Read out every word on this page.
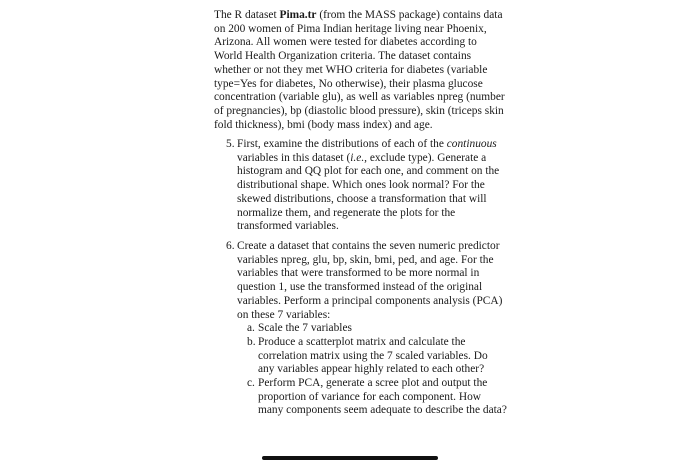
The R dataset Pima.tr (from the MASS package) contains data
on 200 women of Pima Indian heritage living near Phoenix,
Arizona. All women were tested for diabetes according to
World Health Organization criteria. The dataset contains
whether or not they met WHO criteria for diabetes (variable
type=Yes for diabetes, No otherwise), their plasma glucose
concentration (variable glu), as well as variables npreg (number
of pregnancies), bp (diastolic blood pressure), skin (triceps skin
fold thickness), bmi (body mass index) and age.
5. First, examine the distributions of each of the continuous
variables in this dataset (i.e., exclude type). Generate a
histogram and QQ plot for each one, and comment on the
distributional shape. Which ones look normal? For the
skewed distributions, choose a transformation that will
normalize them, and regenerate the plots for the
transformed variables.
6. Create a dataset that contains the seven numeric predictor
variables npreg, glu, bp, skin, bmi, ped, and age. For the
variables that were transformed to be more normal in
question 1, use the transformed instead of the original
variables. Perform a principal components analysis (PCA)
on these 7 variables:
a. Scale the 7 variables
b. Produce a scatterplot matrix and calculate the
correlation matrix using the 7 scaled variables. Do
any variables appear highly related to each other?
c. Perform PCA, generate a scree plot and output the
proportion of variance for each component. How
many components seem adequate to describe the data?
